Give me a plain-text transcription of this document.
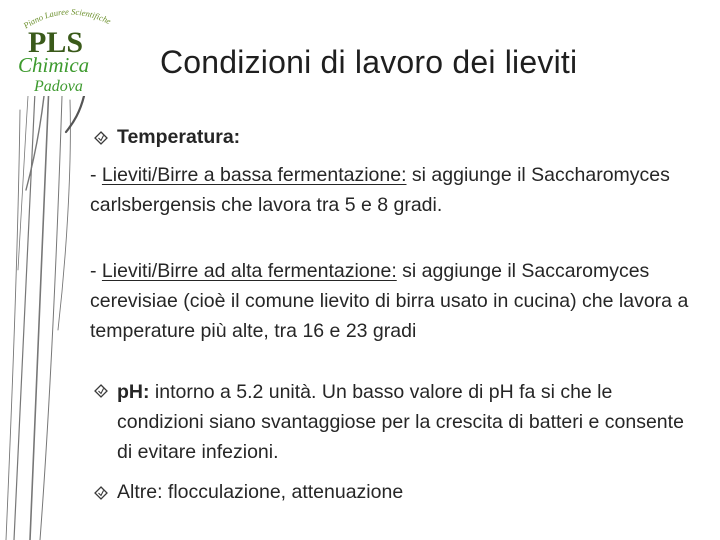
Piano Lauree Scientifiche
PLS
Chimica
Padova
Condizioni di lavoro dei lieviti
Temperatura:
- Lieviti/Birre a bassa fermentazione: si aggiunge il Saccharomyces carlsbergensis che lavora tra 5 e 8 gradi.
- Lieviti/Birre ad alta fermentazione: si aggiunge il Saccaromyces cerevisiae (cioè il comune lievito di birra usato in cucina) che lavora a temperature più alte, tra 16 e 23 gradi
pH: intorno a 5.2 unità. Un basso valore di pH fa si che le condizioni siano svantaggiose per la crescita di batteri e consente di evitare infezioni.
Altre: flocculazione, attenuazione
